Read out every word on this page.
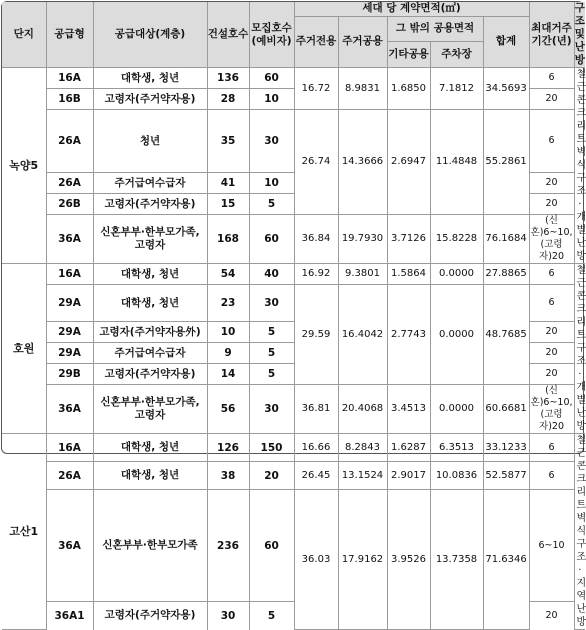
단지	공급형	공급대상(계층)	건설호수	모집호수(예비자)	세대 당 계약면적(㎡)					최대거주기간(년)	구조 및 난방
					주거전용	주거공용	그 밖의 공용면적		합계		
							기타공용	주차장			
녹양5	16A	대학생, 청년	136	60	16.72	8.9831	1.6850	7.1812	34.5693	6	철근콘크리트벽식구조·개별난방
	16B	고령자(주거약자용)	28	10						20	
	26A	청년	35	30	26.74	14.3666	2.6947	11.4848	55.2861	6	
	26A	주거급여수급자	41	10						20	
	26B	고령자(주거약자용)	15	5						20	
	36A	신혼부부·한부모가족, 고령자	168	60	36.84	19.7930	3.7126	15.8228	76.1684	(신혼)6~10, (고령자)20	
호원	16A	대학생, 청년	54	40	16.92	9.3801	1.5864	0.0000	27.8865	6	철근콘크리트구조·개별난방
	29A	대학생, 청년	23	30	29.59	16.4042	2.7743	0.0000	48.7685	6	
	29A	고령자(주거약자용外)	10	5						20	
	29A	주거급여수급자	9	5						20	
	29B	고령자(주거약자용)	14	5						20	
	36A	신혼부부·한부모가족, 고령자	56	30	36.81	20.4068	3.4513	0.0000	60.6681	(신혼)6~10, (고령자)20	
고산1	16A	대학생, 청년	126	150	16.66	8.2843	1.6287	6.3513	33.1233	6	철근콘크리트벽식구조·지역난방
	26A	대학생, 청년	38	20	26.45	13.1524	2.9017	10.0836	52.5877	6	
	36A	신혼부부·한부모가족	236	60	36.03	17.9162	3.9526	13.7358	71.6346	6~10	
	36A1	고령자(주거약자용)	30	5						20	
